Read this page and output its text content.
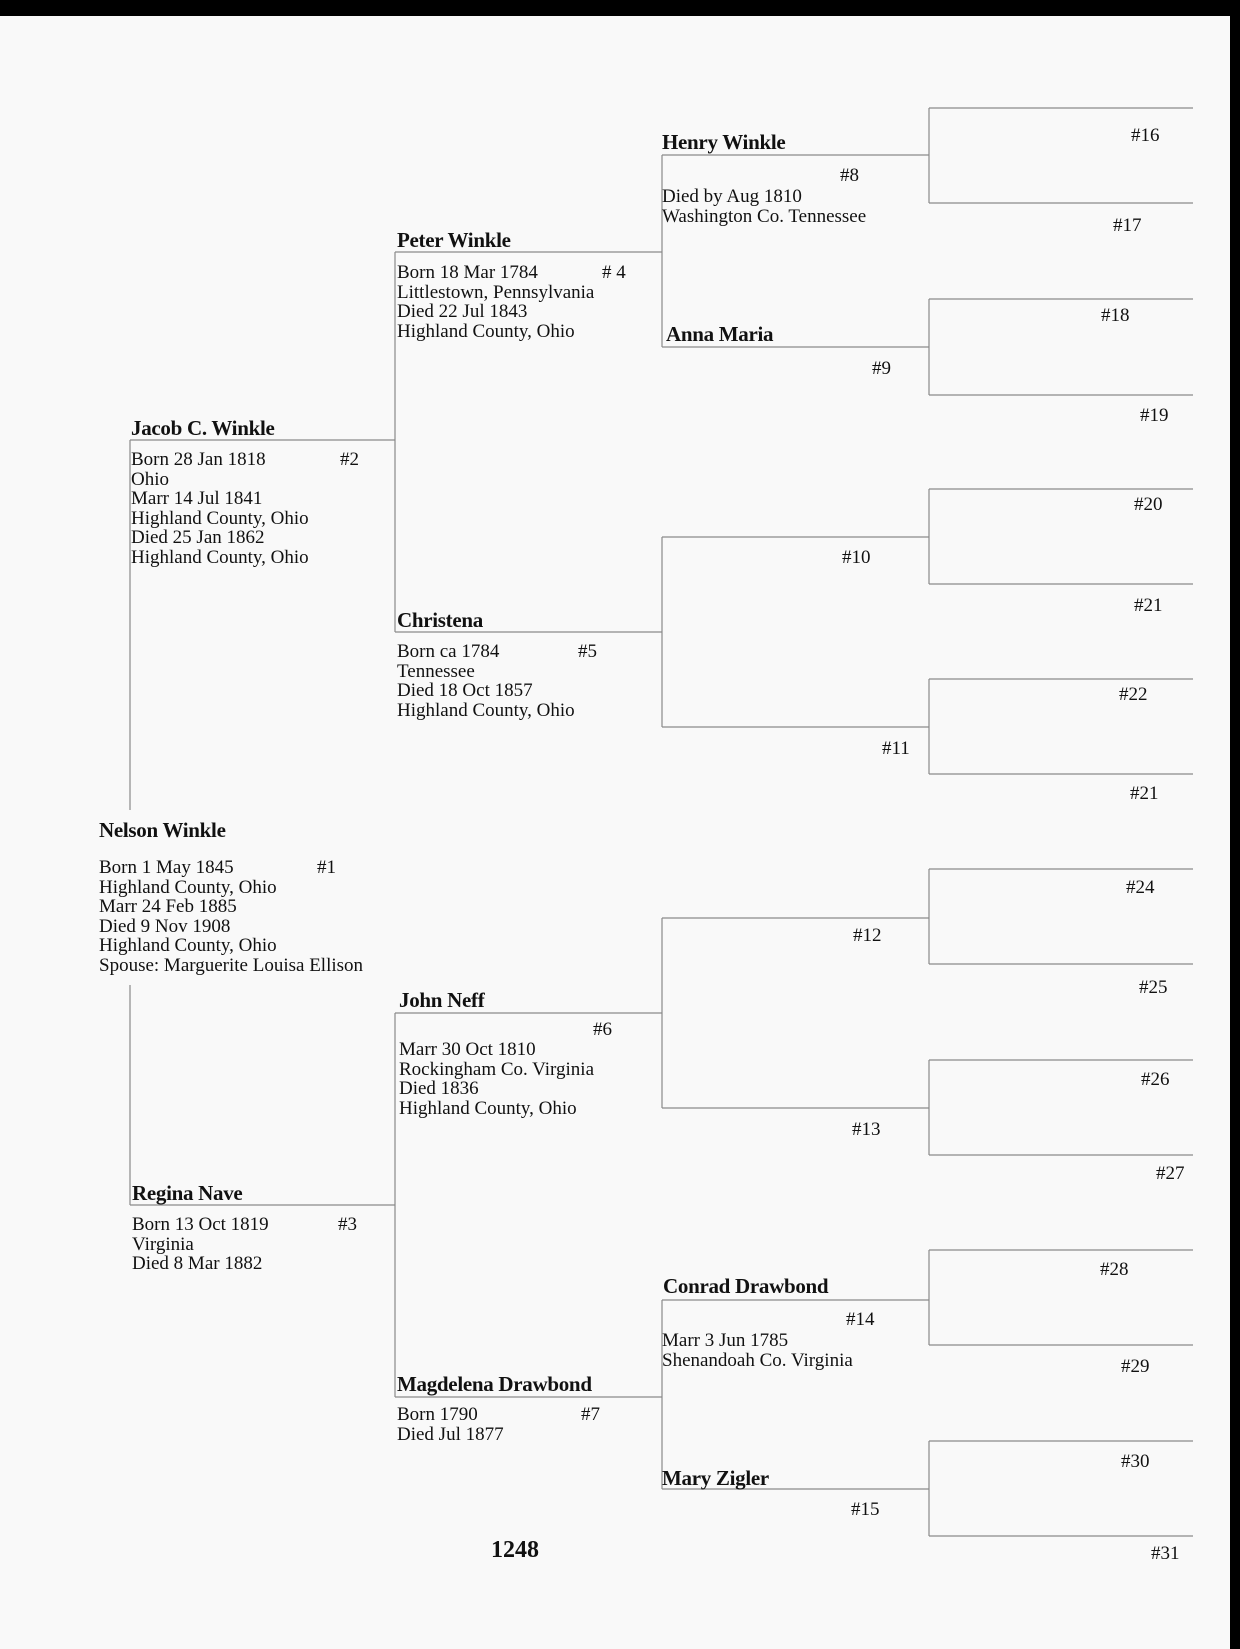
Nelson Winkle
#1
Born 1 May 1845
Highland County, Ohio
Marr 24 Feb 1885
Died 9 Nov 1908
Highland County, Ohio
Spouse: Marguerite Louisa Ellison
Jacob C. Winkle
#2
Born 28 Jan 1818
Ohio
Marr 14 Jul 1841
Highland County, Ohio
Died 25 Jan 1862
Highland County, Ohio
Regina Nave
#3
Born 13 Oct 1819
Virginia
Died 8 Mar 1882
Peter Winkle
# 4
Born 18 Mar 1784
Littlestown, Pennsylvania
Died 22 Jul 1843
Highland County, Ohio
Christena
#5
Born ca 1784
Tennessee
Died 18 Oct 1857
Highland County, Ohio
John Neff
#6
Marr 30 Oct 1810
Rockingham Co. Virginia
Died 1836
Highland County, Ohio
Magdelena Drawbond
#7
Born 1790
Died Jul 1877
Henry Winkle
#8
Died by Aug 1810
Washington Co. Tennessee
Anna Maria
#9
#10
#11
#12
#13
Conrad Drawbond
#14
Marr 3 Jun 1785
Shenandoah Co. Virginia
Mary Zigler
#15
#16
#17
#18
#19
#20
#21
#22
#21
#24
#25
#26
#27
#28
#29
#30
#31
1248
